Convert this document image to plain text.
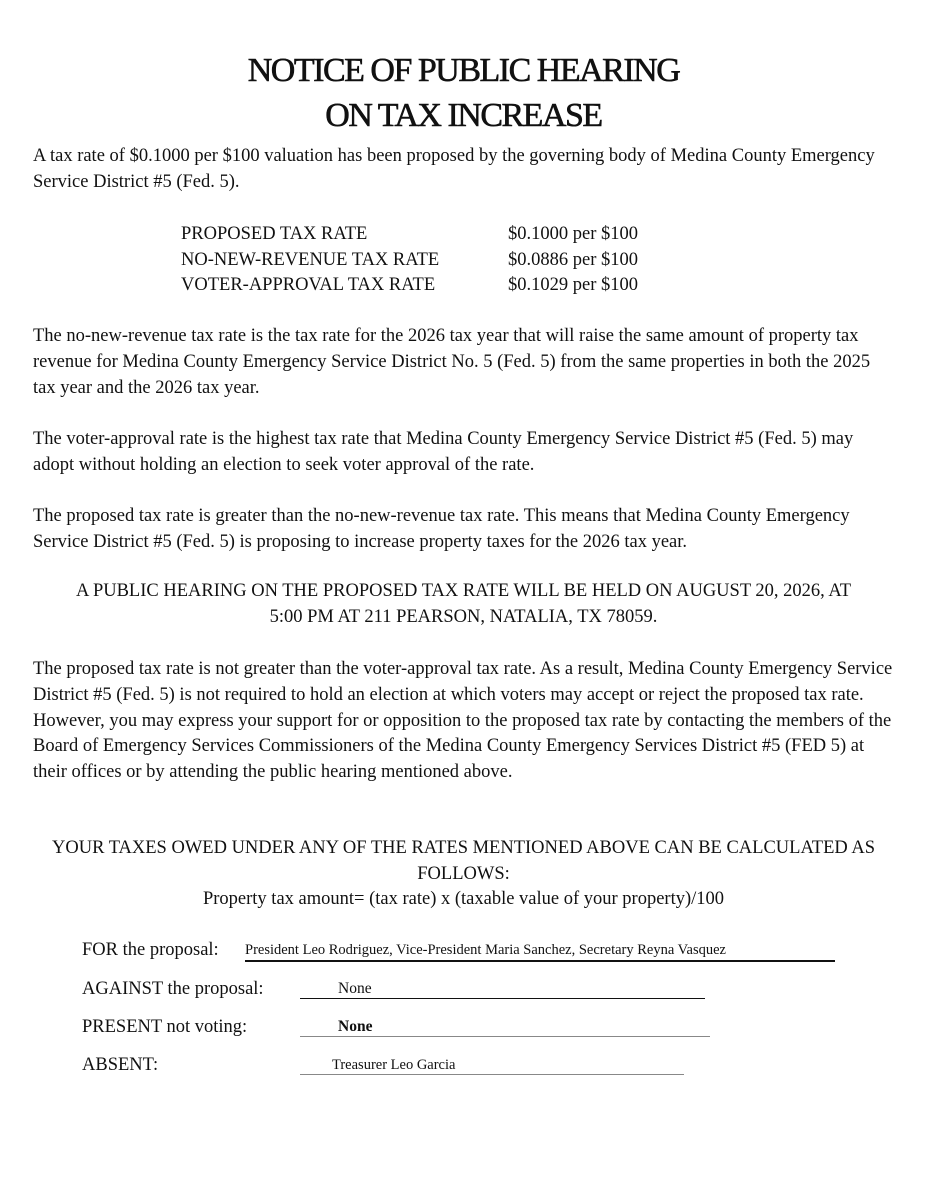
NOTICE OF PUBLIC HEARING
ON TAX INCREASE

A tax rate of $0.1000 per $100 valuation has been proposed by the governing body of Medina County Emergency Service District #5 (Fed. 5).

PROPOSED TAX RATE	$0.1000 per $100
NO-NEW-REVENUE TAX RATE	$0.0886 per $100
VOTER-APPROVAL TAX RATE	$0.1029 per $100

The no-new-revenue tax rate is the tax rate for the 2026 tax year that will raise the same amount of property tax revenue for Medina County Emergency Service District No. 5 (Fed. 5) from the same properties in both the 2025 tax year and the 2026 tax year.

The voter-approval rate is the highest tax rate that Medina County Emergency Service District #5 (Fed. 5) may adopt without holding an election to seek voter approval of the rate.

The proposed tax rate is greater than the no-new-revenue tax rate. This means that Medina County Emergency Service District #5 (Fed. 5) is proposing to increase property taxes for the 2026 tax year.

A PUBLIC HEARING ON THE PROPOSED TAX RATE WILL BE HELD ON AUGUST 20, 2026, AT
5:00 PM AT 211 PEARSON, NATALIA, TX 78059.

The proposed tax rate is not greater than the voter-approval tax rate. As a result, Medina County Emergency Service District #5 (Fed. 5) is not required to hold an election at which voters may accept or reject the proposed tax rate. However, you may express your support for or opposition to the proposed tax rate by contacting the members of the Board of Emergency Services Commissioners of the Medina County Emergency Services District #5 (FED 5) at their offices or by attending the public hearing mentioned above.

YOUR TAXES OWED UNDER ANY OF THE RATES MENTIONED ABOVE CAN BE CALCULATED AS FOLLOWS:

Property tax amount= (tax rate) x (taxable value of your property)/100

FOR the proposal: President Leo Rodriguez, Vice-President Maria Sanchez, Secretary Reyna Vasquez
AGAINST the proposal:	None
PRESENT not voting:	None
ABSENT:	Treasurer Leo Garcia
